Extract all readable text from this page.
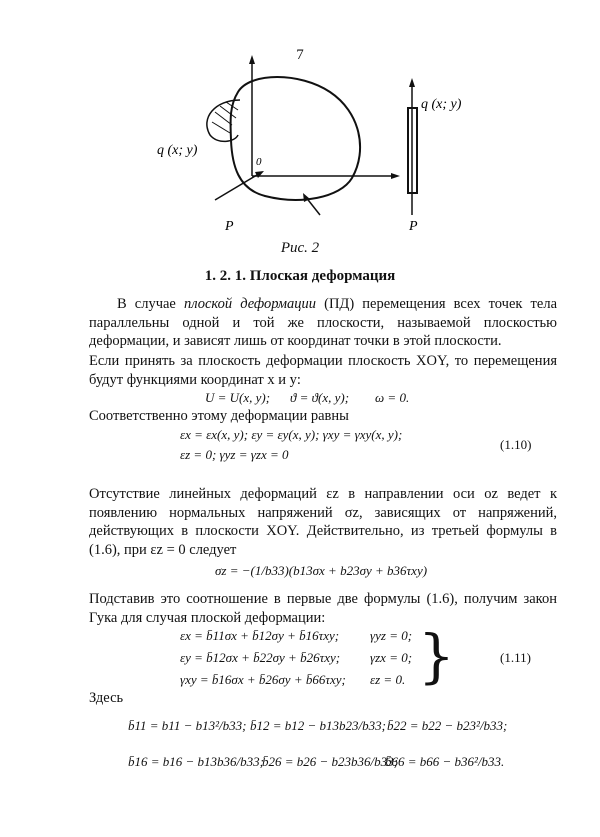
7
0
q (x; y)
q (x; y)
P	P
Рис. 2
1. 2. 1. Плоская деформация
В случае плоской деформации (ПД) перемещения всех точек тела параллельны одной и той же плоскости, называемой плоскостью деформации, и зависят лишь от координат точки в этой плоскости.
Если принять за плоскость деформации плоскость XOY, то перемещения будут функциями координат x и y:
U = U(x, y); ϑ = ϑ(x, y); ω = 0.
Соответственно этому деформации равны
εx = εx(x, y); εy = εy(x, y); γxy = γxy(x, y);
εz = 0; γyz = γzx = 0
(1.10)
Отсутствие линейных деформаций εz в направлении оси oz ведет к появлению нормальных напряжений σz, зависящих от напряжений, действующих в плоскости XOY. Действительно, из третьей формулы в (1.6), при εz = 0 следует
σz = −(1/b33)(b13σx + b23σy + b36τxy)
Подставив это соотношение в первые две формулы (1.6), получим закон Гука для случая плоской деформации:
εx = b̄11σx + b̄12σy + b̄16τxy; γyz = 0;
εy = b̄12σx + b̄22σy + b̄26τxy; γzx = 0;
γxy = b̄16σx + b̄26σy + b̄66τxy; εz = 0. }	(1.11)
Здесь
b̄11 = b11 − b13²/b33; b̄12 = b12 − b13b23/b33; b̄22 = b22 − b23²/b33;
b̄16 = b16 − b13b36/b33;
b̄26 = b26 − b23b36/b33;
b̄66 = b66 − b36²/b33.
